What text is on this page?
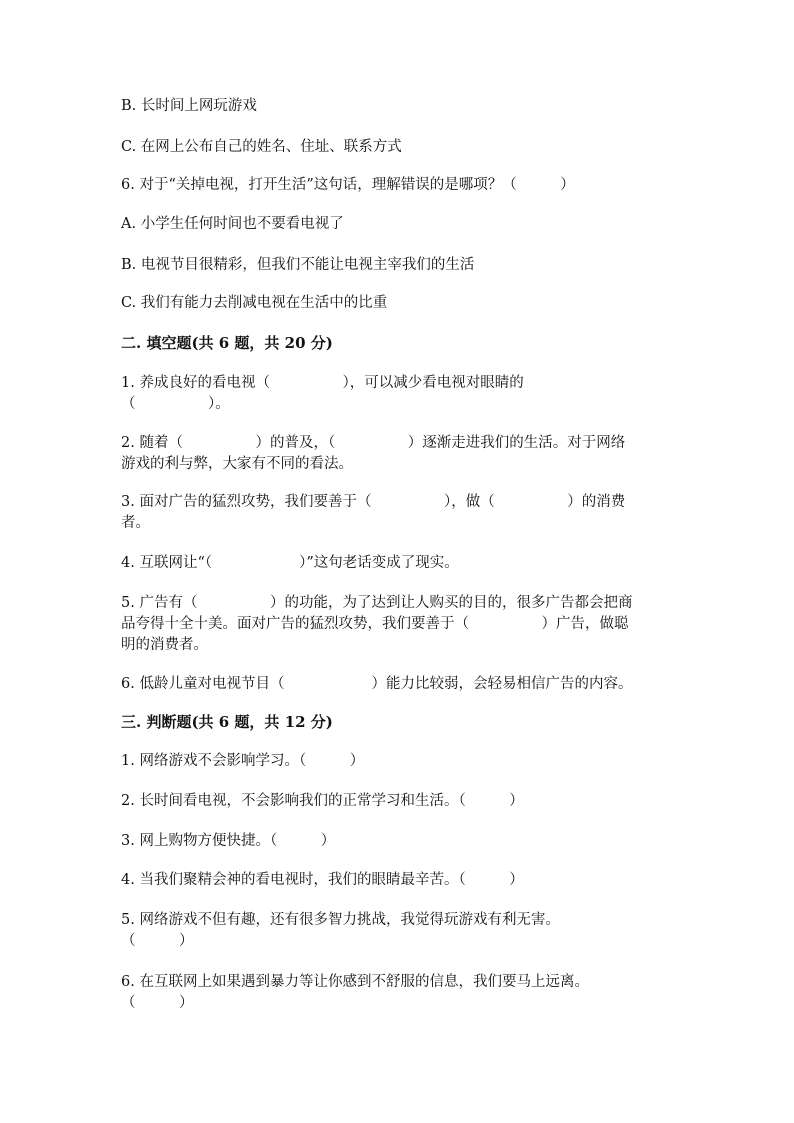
B. 长时间上网玩游戏
C. 在网上公布自己的姓名、住址、联系方式
6. 对于“关掉电视，打开生活”这句话，理解错误的是哪项？（　　　）
A. 小学生任何时间也不要看电视了
B. 电视节目很精彩，但我们不能让电视主宰我们的生活
C. 我们有能力去削减电视在生活中的比重
二. 填空题(共 6 题，共 20 分)
1. 养成良好的看电视（　　　　　），可以减少看电视对眼睛的
（　　　　　）。
2. 随着（　　　　　）的普及，（　　　　　）逐渐走进我们的生活。对于网络
游戏的利与弊，大家有不同的看法。
3. 面对广告的猛烈攻势，我们要善于（　　　　　），做（　　　　　）的消费
者。
4. 互联网让“（　　　　　　）”这句老话变成了现实。
5. 广告有（　　　　　）的功能，为了达到让人购买的目的，很多广告都会把商
品夸得十全十美。面对广告的猛烈攻势，我们要善于（　　　　　）广告，做聪
明的消费者。
6. 低龄儿童对电视节目（　　　　　　）能力比较弱，会轻易相信广告的内容。
三. 判断题(共 6 题，共 12 分)
1. 网络游戏不会影响学习。（　　　）
2. 长时间看电视，不会影响我们的正常学习和生活。（　　　）
3. 网上购物方便快捷。（　　　）
4. 当我们聚精会神的看电视时，我们的眼睛最辛苦。（　　　）
5. 网络游戏不但有趣，还有很多智力挑战，我觉得玩游戏有利无害。
（　　　）
6. 在互联网上如果遇到暴力等让你感到不舒服的信息，我们要马上远离。
（　　　）
